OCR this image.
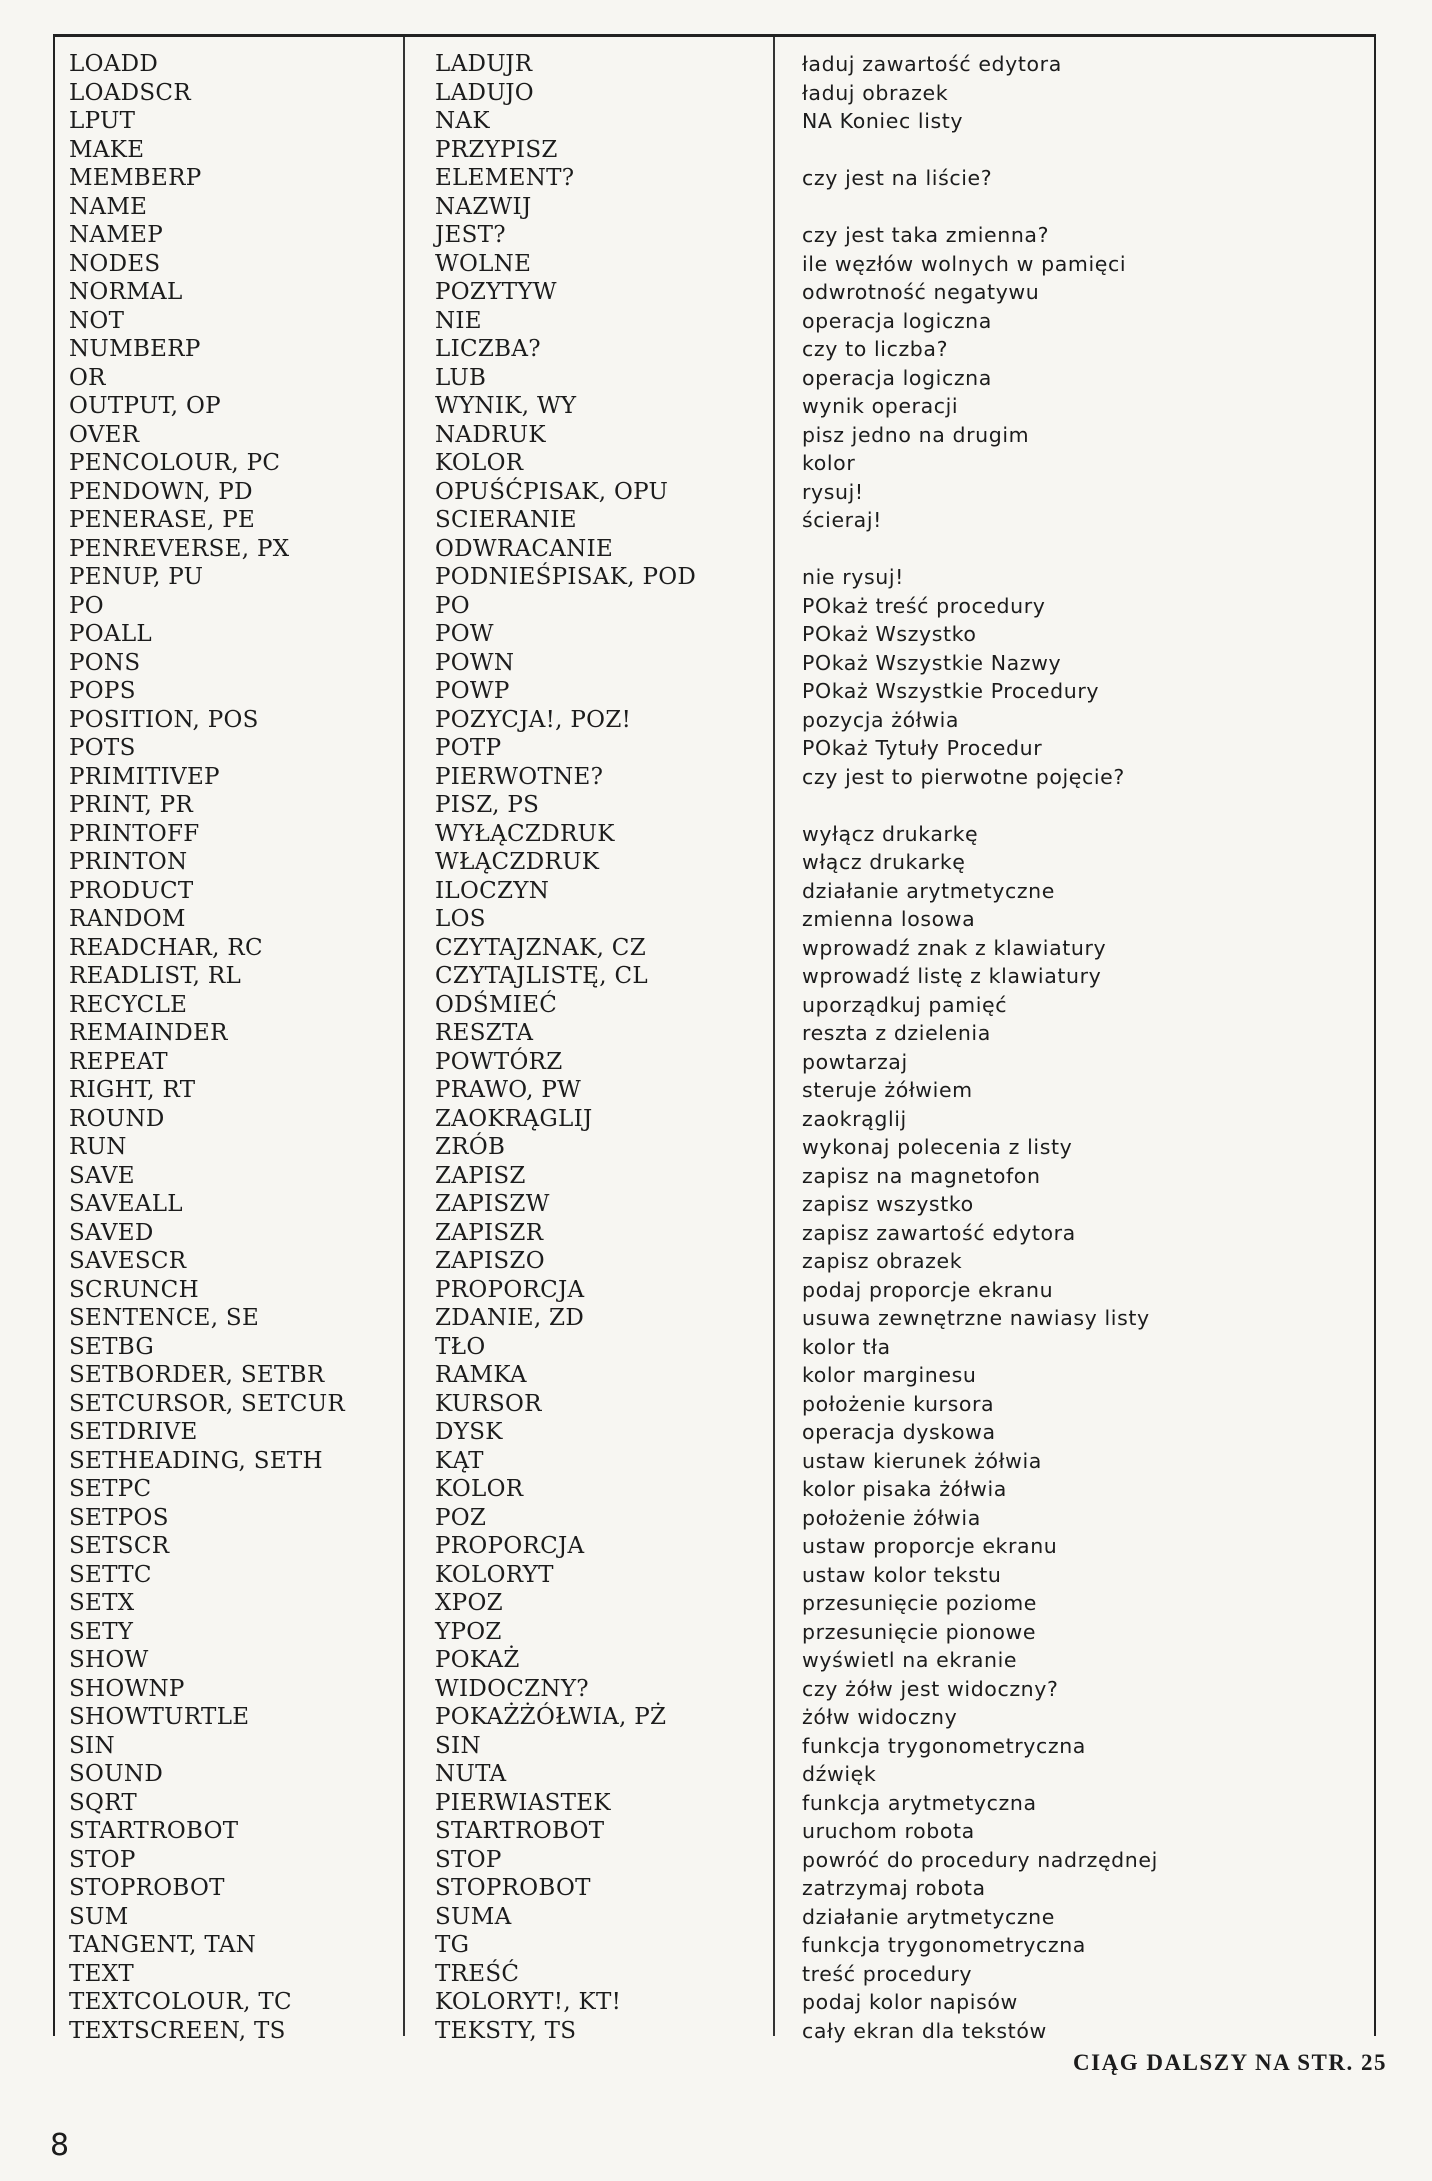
LOADD	LADUJR	ładuj zawartość edytora
LOADSCR	LADUJO	ładuj obrazek
LPUT	NAK	NA Koniec listy
MAKE	PRZYPISZ
MEMBERP	ELEMENT?	czy jest na liście?
NAME	NAZWIJ
NAMEP	JEST?	czy jest taka zmienna?
NODES	WOLNE	ile węzłów wolnych w pamięci
NORMAL	POZYTYW	odwrotność negatywu
NOT	NIE	operacja logiczna
NUMBERP	LICZBA?	czy to liczba?
OR	LUB	operacja logiczna
OUTPUT, OP	WYNIK, WY	wynik operacji
OVER	NADRUK	pisz jedno na drugim
PENCOLOUR, PC	KOLOR	kolor
PENDOWN, PD	OPUŚĆPISAK, OPU	rysuj!
PENERASE, PE	SCIERANIE	ścieraj!
PENREVERSE, PX	ODWRACANIE
PENUP, PU	PODNIEŚPISAK, POD	nie rysuj!
PO	PO	POkaż treść procedury
POALL	POW	POkaż Wszystko
PONS	POWN	POkaż Wszystkie Nazwy
POPS	POWP	POkaż Wszystkie Procedury
POSITION, POS	POZYCJA!, POZ!	pozycja żółwia
POTS	POTP	POkaż Tytuły Procedur
PRIMITIVEP	PIERWOTNE?	czy jest to pierwotne pojęcie?
PRINT, PR	PISZ, PS
PRINTOFF	WYŁĄCZDRUK	wyłącz drukarkę
PRINTON	WŁĄCZDRUK	włącz drukarkę
PRODUCT	ILOCZYN	działanie arytmetyczne
RANDOM	LOS	zmienna losowa
READCHAR, RC	CZYTAJZNAK, CZ	wprowadź znak z klawiatury
READLIST, RL	CZYTAJLISTĘ, CL	wprowadź listę z klawiatury
RECYCLE	ODŚMIEĆ	uporządkuj pamięć
REMAINDER	RESZTA	reszta z dzielenia
REPEAT	POWTÓRZ	powtarzaj
RIGHT, RT	PRAWO, PW	steruje żółwiem
ROUND	ZAOKRĄGLIJ	zaokrąglij
RUN	ZRÓB	wykonaj polecenia z listy
SAVE	ZAPISZ	zapisz na magnetofon
SAVEALL	ZAPISZW	zapisz wszystko
SAVED	ZAPISZR	zapisz zawartość edytora
SAVESCR	ZAPISZO	zapisz obrazek
SCRUNCH	PROPORCJA	podaj proporcje ekranu
SENTENCE, SE	ZDANIE, ZD	usuwa zewnętrzne nawiasy listy
SETBG	TŁO	kolor tła
SETBORDER, SETBR	RAMKA	kolor marginesu
SETCURSOR, SETCUR	KURSOR	położenie kursora
SETDRIVE	DYSK	operacja dyskowa
SETHEADING, SETH	KĄT	ustaw kierunek żółwia
SETPC	KOLOR	kolor pisaka żółwia
SETPOS	POZ	położenie żółwia
SETSCR	PROPORCJA	ustaw proporcje ekranu
SETTC	KOLORYT	ustaw kolor tekstu
SETX	XPOZ	przesunięcie poziome
SETY	YPOZ	przesunięcie pionowe
SHOW	POKAŻ	wyświetl na ekranie
SHOWNP	WIDOCZNY?	czy żółw jest widoczny?
SHOWTURTLE	POKAŻŻÓŁWIA, PŻ	żółw widoczny
SIN	SIN	funkcja trygonometryczna
SOUND	NUTA	dźwięk
SQRT	PIERWIASTEK	funkcja arytmetyczna
STARTROBOT	STARTROBOT	uruchom robota
STOP	STOP	powróć do procedury nadrzędnej
STOPROBOT	STOPROBOT	zatrzymaj robota
SUM	SUMA	działanie arytmetyczne
TANGENT, TAN	TG	funkcja trygonometryczna
TEXT	TREŚĆ	treść procedury
TEXTCOLOUR, TC	KOLORYT!, KT!	podaj kolor napisów
TEXTSCREEN, TS	TEKSTY, TS	cały ekran dla tekstów
CIĄG DALSZY NA STR. 25
8
